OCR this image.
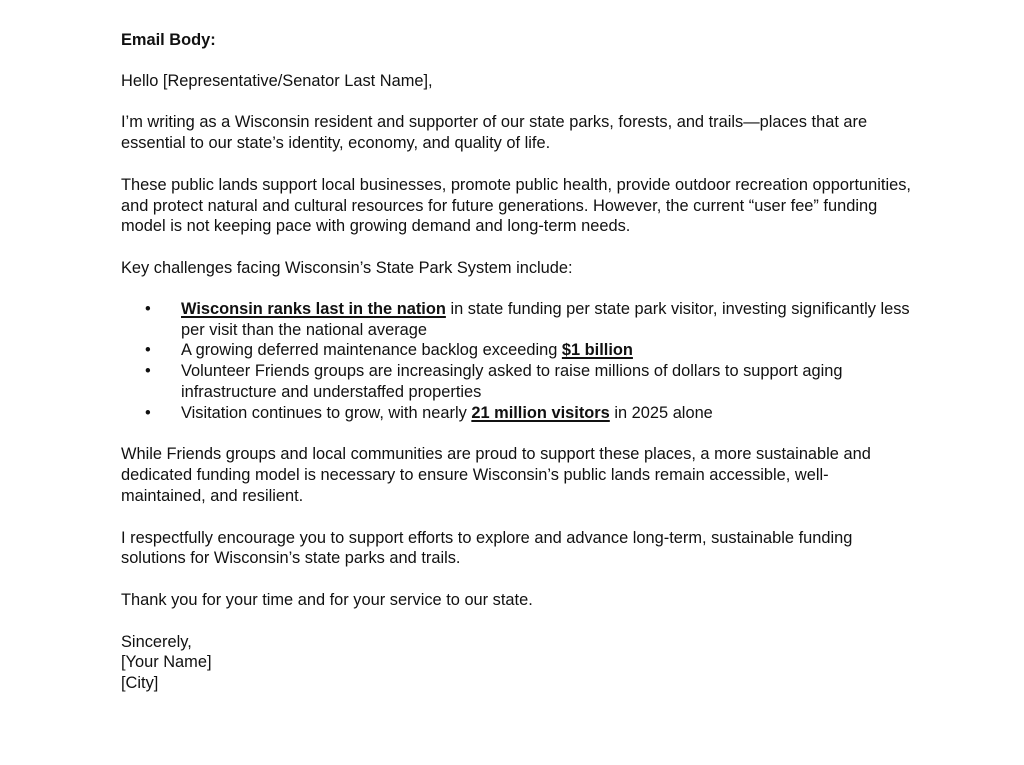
Email Body:

Hello [Representative/Senator Last Name],

I’m writing as a Wisconsin resident and supporter of our state parks, forests, and trails—places that are essential to our state’s identity, economy, and quality of life.

These public lands support local businesses, promote public health, provide outdoor recreation opportunities, and protect natural and cultural resources for future generations. However, the current “user fee” funding model is not keeping pace with growing demand and long-term needs.

Key challenges facing Wisconsin’s State Park System include:

• Wisconsin ranks last in the nation in state funding per state park visitor, investing significantly less per visit than the national average
• A growing deferred maintenance backlog exceeding $1 billion
• Volunteer Friends groups are increasingly asked to raise millions of dollars to support aging infrastructure and understaffed properties
• Visitation continues to grow, with nearly 21 million visitors in 2025 alone

While Friends groups and local communities are proud to support these places, a more sustainable and dedicated funding model is necessary to ensure Wisconsin’s public lands remain accessible, well-maintained, and resilient.

I respectfully encourage you to support efforts to explore and advance long-term, sustainable funding solutions for Wisconsin’s state parks and trails.

Thank you for your time and for your service to our state.

Sincerely,

[Your Name]

[City]
